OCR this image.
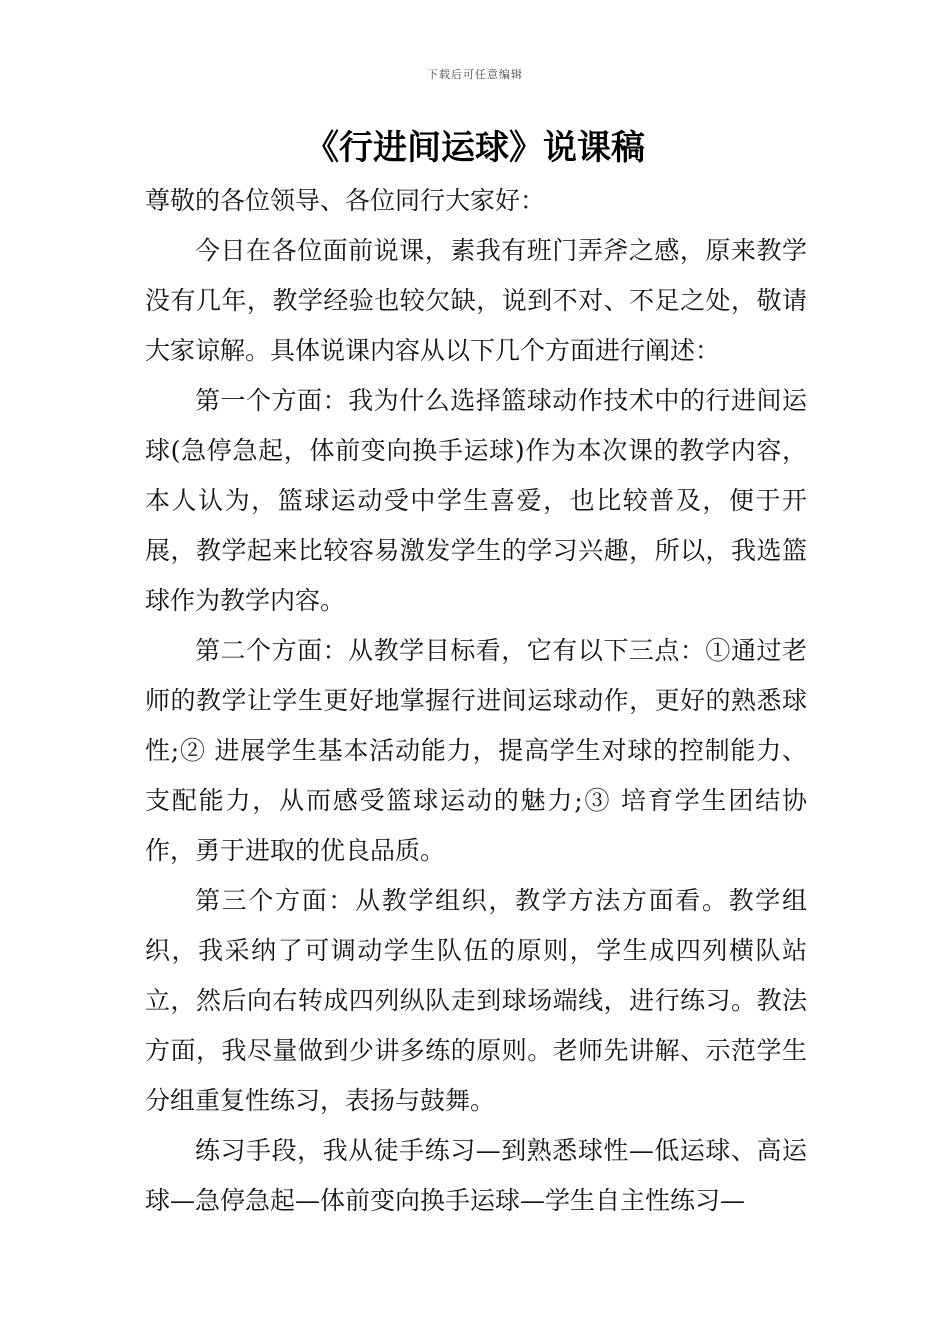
下载后可任意编辑
《行进间运球》说课稿

尊敬的各位领导、各位同行大家好：

今日在各位面前说课，素我有班门弄斧之感，原来教学没有几年，教学经验也较欠缺，说到不对、不足之处，敬请大家谅解。具体说课内容从以下几个方面进行阐述：

第一个方面：我为什么选择篮球动作技术中的行进间运球(急停急起，体前变向换手运球)作为本次课的教学内容，本人认为，篮球运动受中学生喜爱，也比较普及，便于开展，教学起来比较容易激发学生的学习兴趣，所以，我选篮球作为教学内容。

第二个方面：从教学目标看，它有以下三点：①通过老师的教学让学生更好地掌握行进间运球动作，更好的熟悉球性;② 进展学生基本活动能力，提高学生对球的控制能力、支配能力，从而感受篮球运动的魅力;③ 培育学生团结协作，勇于进取的优良品质。

第三个方面：从教学组织，教学方法方面看。教学组织，我采纳了可调动学生队伍的原则，学生成四列横队站立，然后向右转成四列纵队走到球场端线，进行练习。教法方面，我尽量做到少讲多练的原则。老师先讲解、示范学生分组重复性练习，表扬与鼓舞。

练习手段，我从徒手练习—到熟悉球性—低运球、高运球—急停急起—体前变向换手运球—学生自主性练习—
